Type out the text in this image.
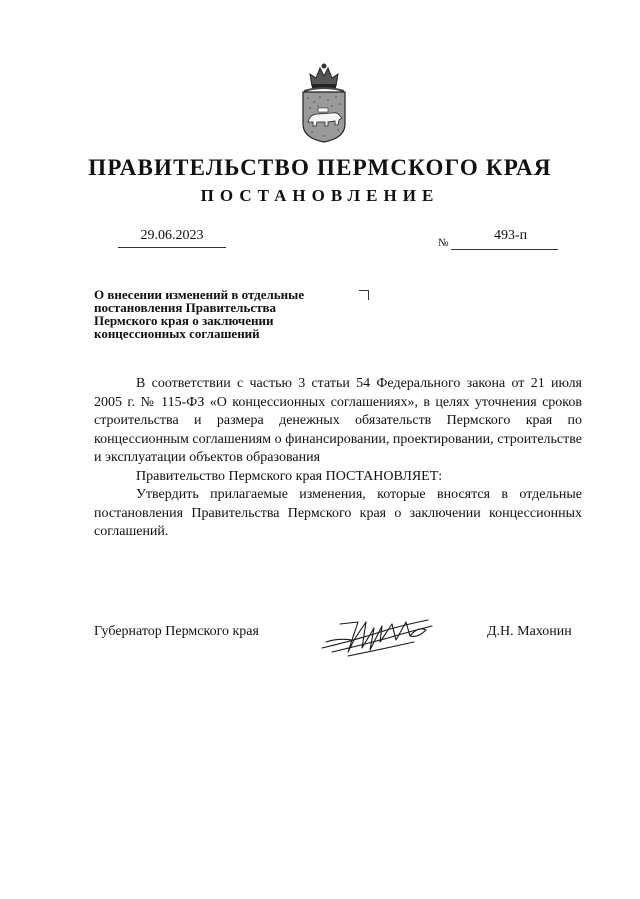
ПРАВИТЕЛЬСТВО ПЕРМСКОГО КРАЯ
ПОСТАНОВЛЕНИЕ
29.06.2023	№	493-п
О внесении изменений в отдельные
постановления Правительства
Пермского края о заключении
концессионных соглашений

В соответствии с частью 3 статьи 54 Федерального закона от 21 июля 2005 г. № 115-ФЗ «О концессионных соглашениях», в целях уточнения сроков строительства и размера денежных обязательств Пермского края по концессионным соглашениям о финансировании, проектировании, строительстве и эксплуатации объектов образования

Правительство Пермского края ПОСТАНОВЛЯЕТ:

Утвердить прилагаемые изменения, которые вносятся в отдельные постановления Правительства Пермского края о заключении концессионных соглашений.

Губернатор Пермского края	Д.Н. Махонин
